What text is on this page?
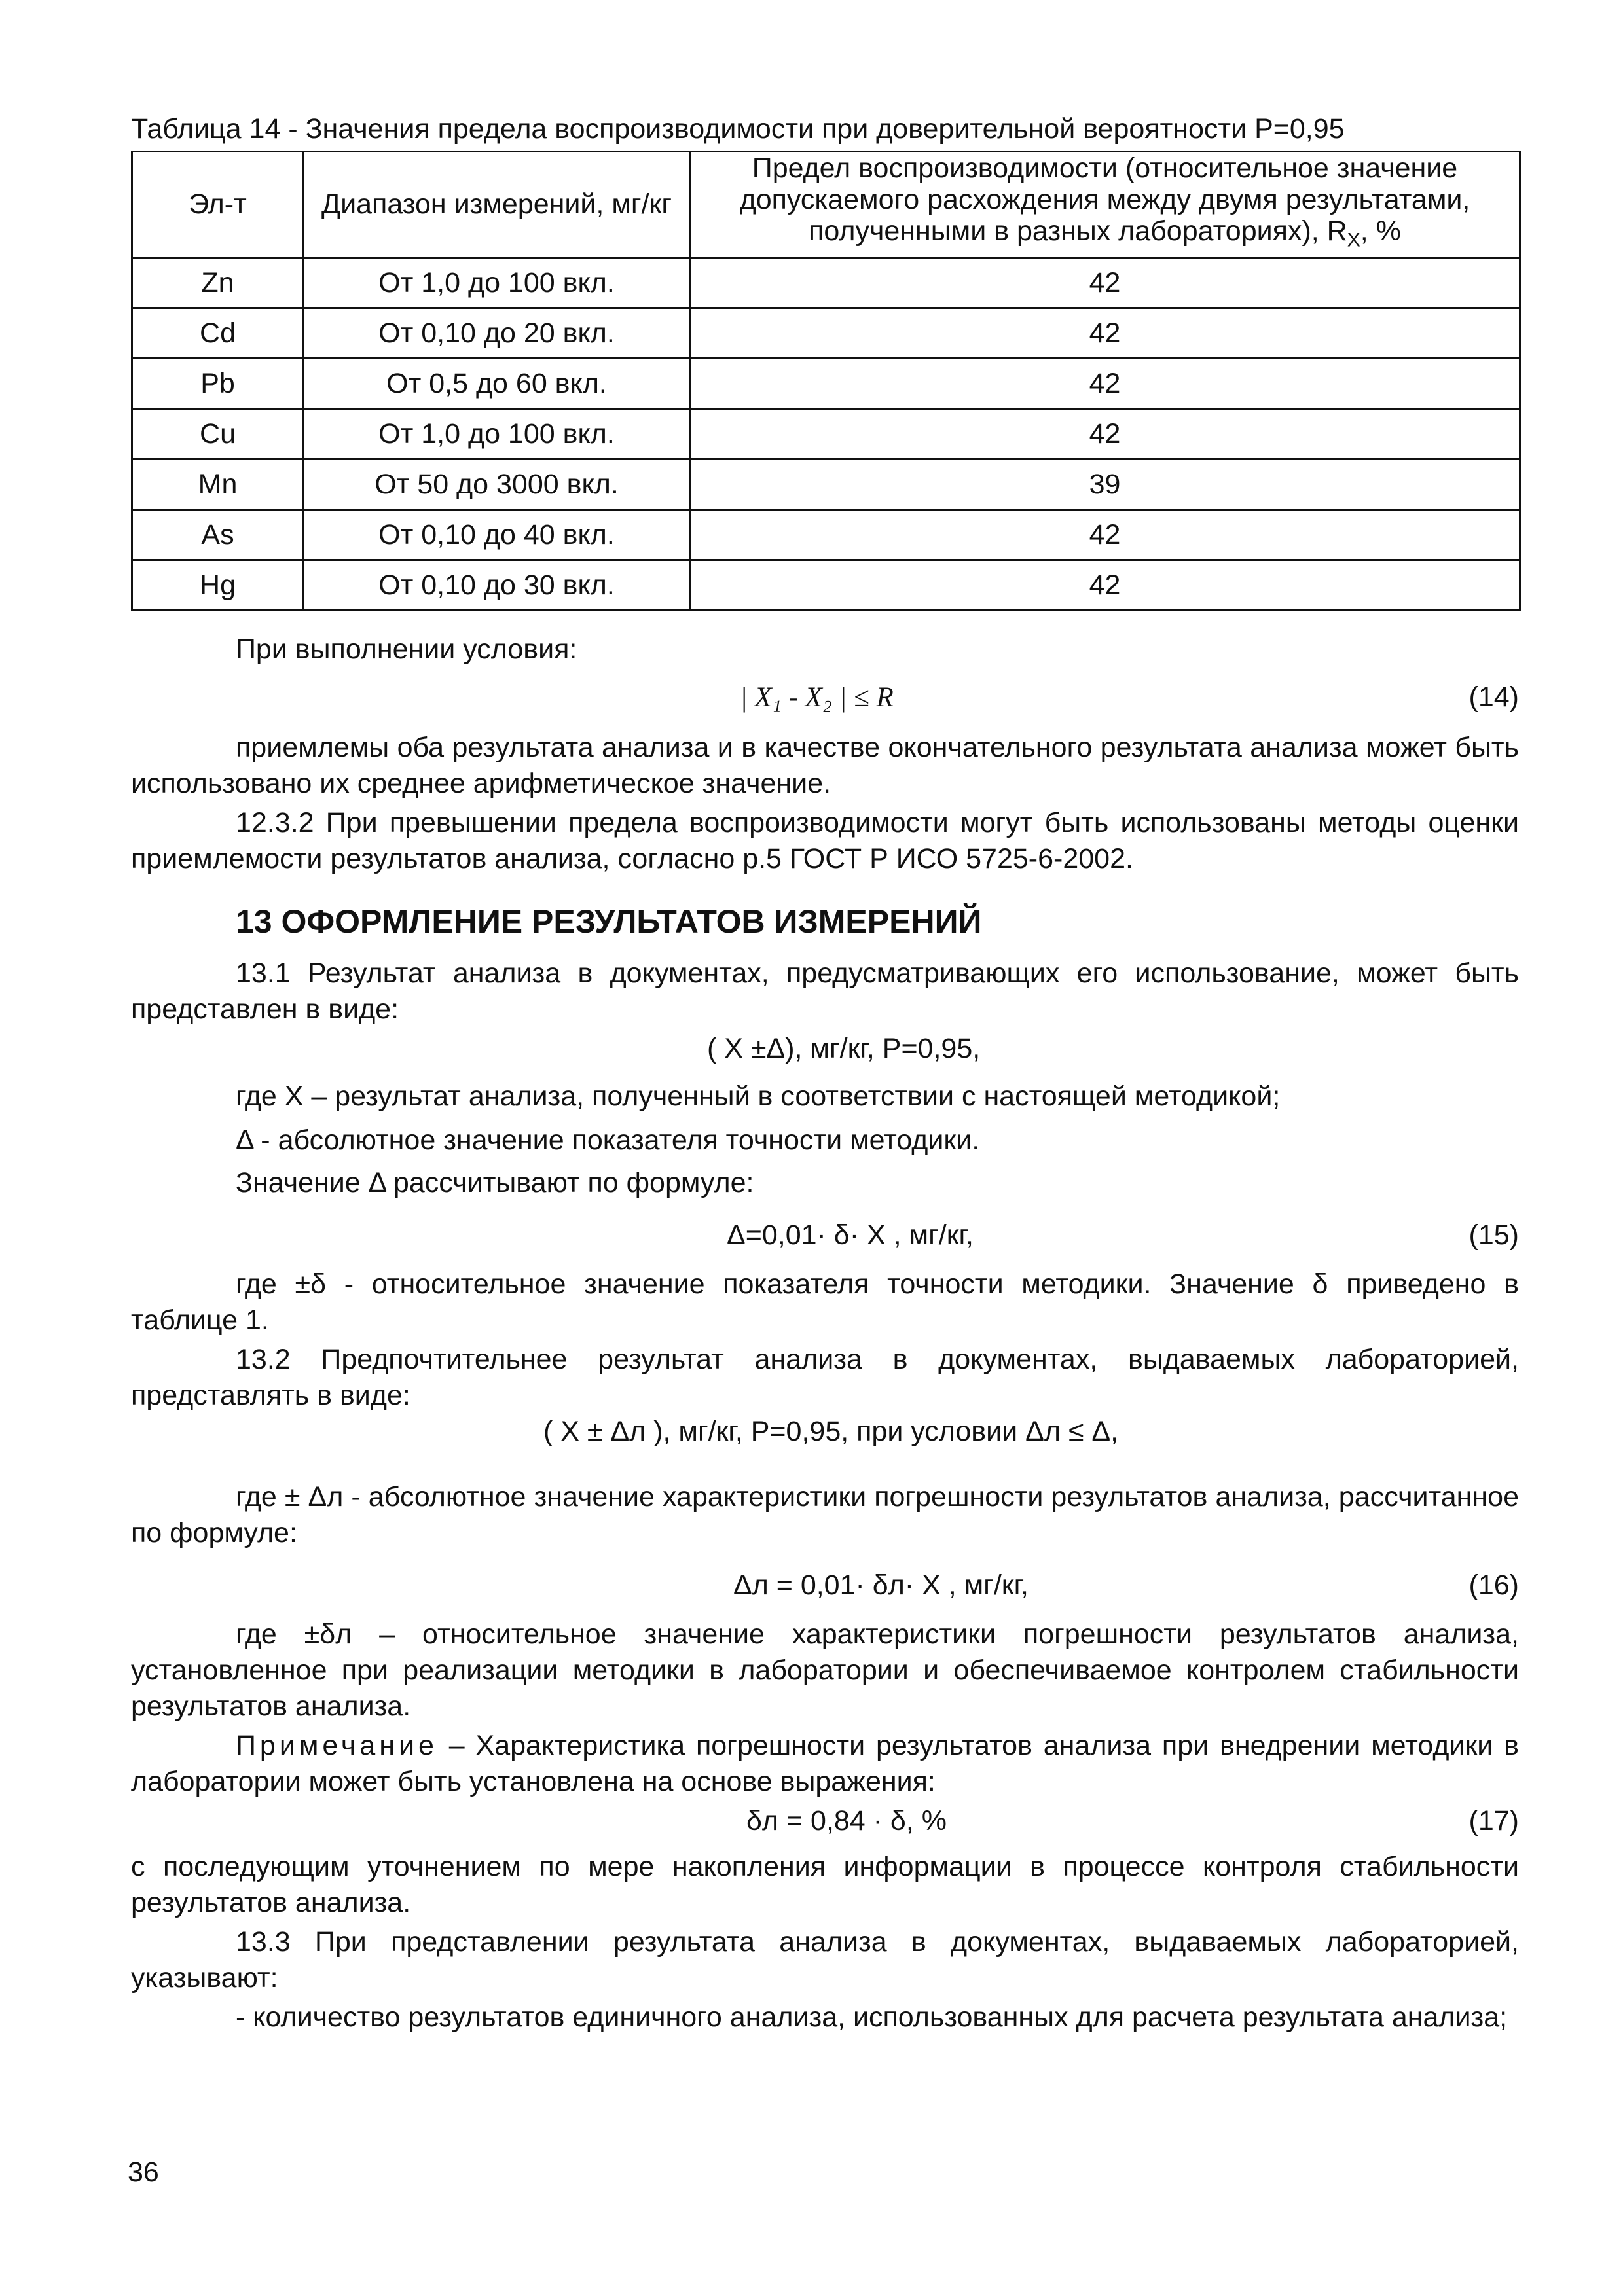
Таблица 14 - Значения предела воспроизводимости при доверительной вероятности P=0,95
Эл-т	Диапазон измерений, мг/кг	Предел воспроизводимости (относительное значение допускаемого расхождения между двумя результатами, полученными в разных лабораториях), $R_X$, %
Zn	От 1,0 до 100 вкл.	42
Cd	От 0,10 до 20 вкл.	42
Pb	От 0,5 до 60 вкл.	42
Cu	От 1,0 до 100 вкл.	42
Mn	От 50 до 3000 вкл.	39
As	От 0,10 до 40 вкл.	42
Hg	От 0,10 до 30 вкл.	42
При выполнении условия:
| X₁ - X₂ | ≤ R	(14)
приемлемы оба результата анализа и в качестве окончательного результата анализа может быть использовано их среднее арифметическое значение.
12.3.2 При превышении предела воспроизводимости могут быть использованы методы оценки приемлемости результатов анализа, согласно р.5 ГОСТ Р ИСО 5725-6-2002.
13 ОФОРМЛЕНИЕ РЕЗУЛЬТАТОВ ИЗМЕРЕНИЙ
13.1 Результат анализа в документах, предусматривающих его использование, может быть представлен в виде:
( X ±Δ), мг/кг, P=0,95,
где X – результат анализа, полученный в соответствии с настоящей методикой;
Δ - абсолютное значение показателя точности методики.
Значение Δ рассчитывают по формуле:
Δ=0,01· δ· X , мг/кг,	(15)
где ±δ - относительное значение показателя точности методики. Значение δ приведено в таблице 1.
13.2 Предпочтительнее результат анализа в документах, выдаваемых лабораторией, представлять в виде:
( X ± Δл ), мг/кг, P=0,95, при условии Δл ≤ Δ,
где ± Δл - абсолютное значение характеристики погрешности результатов анализа, рассчитанное по формуле:
Δл = 0,01· δл· X , мг/кг,	(16)
где ±δл – относительное значение характеристики погрешности результатов анализа, установленное при реализации методики в лаборатории и обеспечиваемое контролем стабильности результатов анализа.
Примечание – Характеристика погрешности результатов анализа при внедрении методики в лаборатории может быть установлена на основе выражения:
δл = 0,84 · δ, %	(17)
с последующим уточнением по мере накопления информации в процессе контроля стабильности результатов анализа.
13.3 При представлении результата анализа в документах, выдаваемых лабораторией, указывают:
- количество результатов единичного анализа, использованных для расчета результата анализа;
36
